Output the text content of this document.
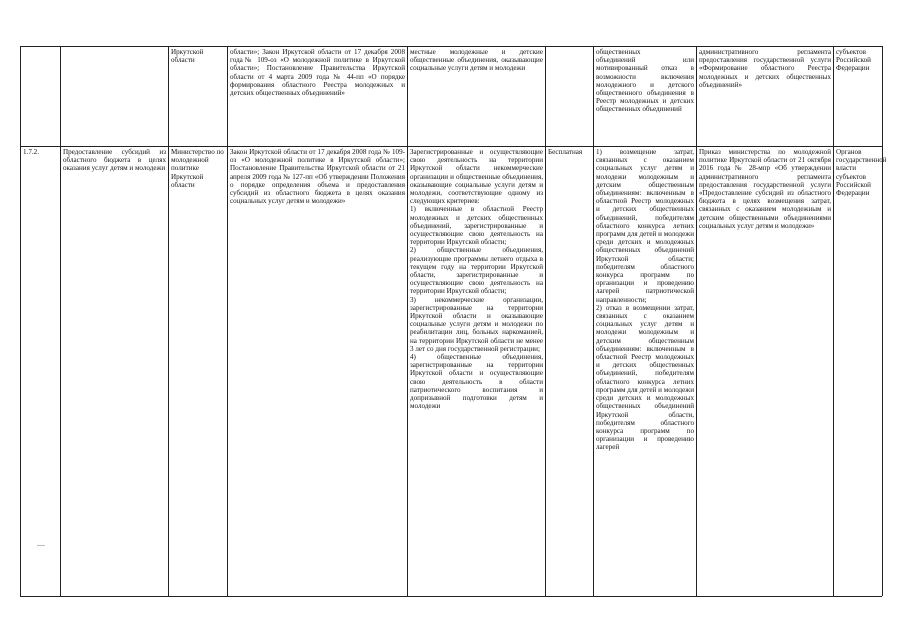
Иркутской
области
области»; Закон Иркутской области от 17 декабря 2008 года№ 109-оз «О молодежной политике в Иркутской области»; Постановление Правительства Иркутской области от 4 марта 2009 года № 44-пп «О порядке формирования областного Реестра молодежных и детских общественных объединений»
местные молодежные и детские общественные объединения, оказывающие социальные услуги детям и молодежи
общественных
объединений или мотивированный отказ в возможности включения молодежного и детского общественного объединения в Реестр молодежных и детских общественных объединений
административного регламента предоставления государственной услуги «Формирование областного Реестра молодежных и детских общественных объединений»
субъектов Российской Федерации
1.7.2.	Предоставление субсидий из областного бюджета в целях оказания услуг детям и молодежи
Министерство по молодежной политике Иркутской области
Закон Иркутской области от 17 декабря 2008 года № 109-оз «О молодежной политике в Иркутской области»; Постановление Правительства Иркутской области от 21 апреля 2009 года № 127-пп «Об утверждении Положения о порядке определения объема и предоставления субсидий из областного бюджета в целях оказания социальных услуг детям и молодежи»
Зарегистрированные и осуществляющие свою деятельность на территории Иркутской области некоммерческие организации и общественные объединения, оказывающие социальные услуги детям и молодежи, соответствующие одному из следующих критериев:
1) включенные в областной Реестр молодежных и детских общественных объединений, зарегистрированные и осуществляющие свою деятельность на территории Иркутской области;
2) общественные объединения, реализующие программы летнего отдыха в текущем году на территории Иркутской области, зарегистрированные и осуществляющие свою деятельность на территории Иркутской области;
3) некоммерческие организации, зарегистрированные на территории Иркутской области и оказывающие социальные услуги детям и молодежи по реабилитации лиц, больных наркоманией, на территории Иркутской области не менее 3 лет со дня государственной регистрации;
4) общественные объединения, зарегистрированные на территории Иркутской области и осуществляющие свою деятельность в области патриотического воспитания и допризывной подготовки детям и молодежи
Бесплатная	1) возмещение затрат, связанных с оказанием социальных услуг детям и молодежи молодежным и детским общественным объединениям: включенным в областной Реестр молодежных и детских общественных объединений, победителям областного конкурса летних программ для детей и молодежи среди детских и молодежных общественных объединений Иркутской области; победителям областного конкурса программ по организации и проведению лагерей патриотической направленности;
2) отказ в возмещении затрат, связанных с оказанием социальных услуг детям и молодежи молодежным и детским общественным объединениям: включенным в областной Реестр молодежных и детских общественных объединений, победителям областного конкурса летних программ для детей и молодежи среди детских и молодежных общественных объединений Иркутской области, победителям областного конкурса программ по организации и проведению лагерей
Приказ министерства по молодежной политике Иркутской области от 21 октября 2016 года № 28-мпр «Об утверждении административного регламента предоставления государственной услуги «Предоставление субсидий из областного бюджета в целях возмещения затрат, связанных с оказанием молодежным и детским общественными объединениями социальных услуг детям и молодежи»
Органов государственной власти субъектов Российской Федерации
